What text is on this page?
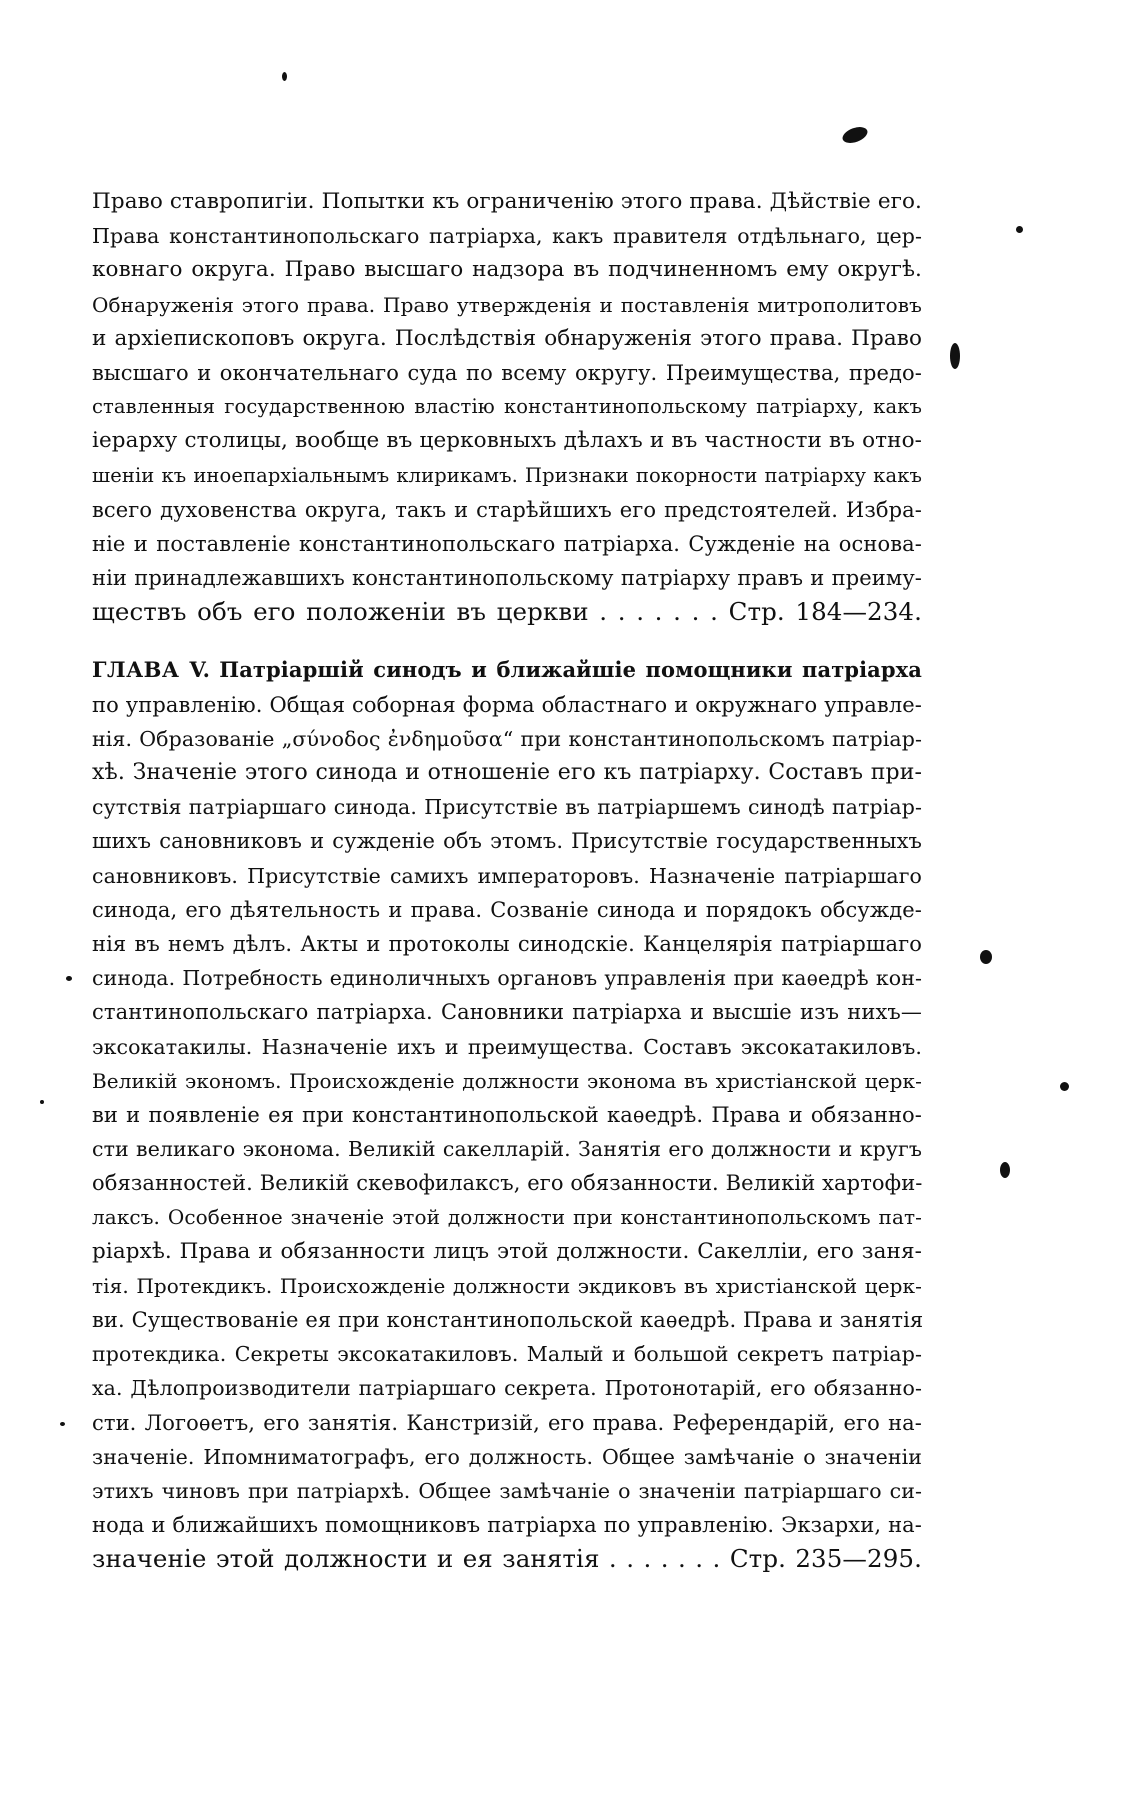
Право ставропигіи. Попытки къ ограниченію этого права. Дѣйствіе его.
Права константинопольскаго патріарха, какъ правителя отдѣльнаго, цер-
ковнаго округа. Право высшаго надзора въ подчиненномъ ему округѣ.
Обнаруженія этого права. Право утвержденія и поставленія митрополитовъ
и архіепископовъ округа. Послѣдствія обнаруженія этого права. Право
высшаго и окончательнаго суда по всему округу. Преимущества, предо-
ставленныя государственною властію константинопольскому патріарху, какъ
іерарху столицы, вообще въ церковныхъ дѣлахъ и въ частности въ отно-
шеніи къ иноепархіальнымъ клирикамъ. Признаки покорности патріарху какъ
всего духовенства округа, такъ и старѣйшихъ его предстоятелей. Избра-
ніе и поставленіе константинопольскаго патріарха. Сужденіе на основа-
ніи принадлежавшихъ константинопольскому патріарху правъ и преиму-
ществъ объ его положеніи въ церкви . . . . . . . Стр. 184—234.
ГЛАВА V. Патріаршій синодъ и ближайшіе помощники патріарха
по управленію. Общая соборная форма областнаго и окружнаго управле-
нія. Образованіе „σύνοδος ἐνδημοῦσα“ при константинопольскомъ патріар-
хѣ. Значеніе этого синода и отношеніе его къ патріарху. Составъ при-
сутствія патріаршаго синода. Присутствіе въ патріаршемъ синодѣ патріар-
шихъ сановниковъ и сужденіе объ этомъ. Присутствіе государственныхъ
сановниковъ. Присутствіе самихъ императоровъ. Назначеніе патріаршаго
синода, его дѣятельность и права. Созваніе синода и порядокъ обсужде-
нія въ немъ дѣлъ. Акты и протоколы синодскіе. Канцелярія патріаршаго
синода. Потребность единоличныхъ органовъ управленія при каѳедрѣ кон-
стантинопольскаго патріарха. Сановники патріарха и высшіе изъ нихъ—
эксокатакилы. Назначеніе ихъ и преимущества. Составъ эксокатакиловъ.
Великій экономъ. Происхожденіе должности эконома въ христіанской церк-
ви и появленіе ея при константинопольской каѳедрѣ. Права и обязанно-
сти великаго эконома. Великій сакелларій. Занятія его должности и кругъ
обязанностей. Великій скевофилаксъ, его обязанности. Великій хартофи-
лаксъ. Особенное значеніе этой должности при константинопольскомъ пат-
ріархѣ. Права и обязанности лицъ этой должности. Сакелліи, его заня-
тія. Протекдикъ. Происхожденіе должности экдиковъ въ христіанской церк-
ви. Существованіе ея при константинопольской каѳедрѣ. Права и занятія
протекдика. Секреты эксокатакиловъ. Малый и большой секретъ патріар-
ха. Дѣлопроизводители патріаршаго секрета. Протонотарій, его обязанно-
сти. Логоѳетъ, его занятія. Канстризій, его права. Референдарій, его на-
значеніе. Ипомниматографъ, его должность. Общее замѣчаніе о значеніи
этихъ чиновъ при патріархѣ. Общее замѣчаніе о значеніи патріаршаго си-
нода и ближайшихъ помощниковъ патріарха по управленію. Экзархи, на-
значеніе этой должности и ея занятія . . . . . . . Стр. 235—295.
